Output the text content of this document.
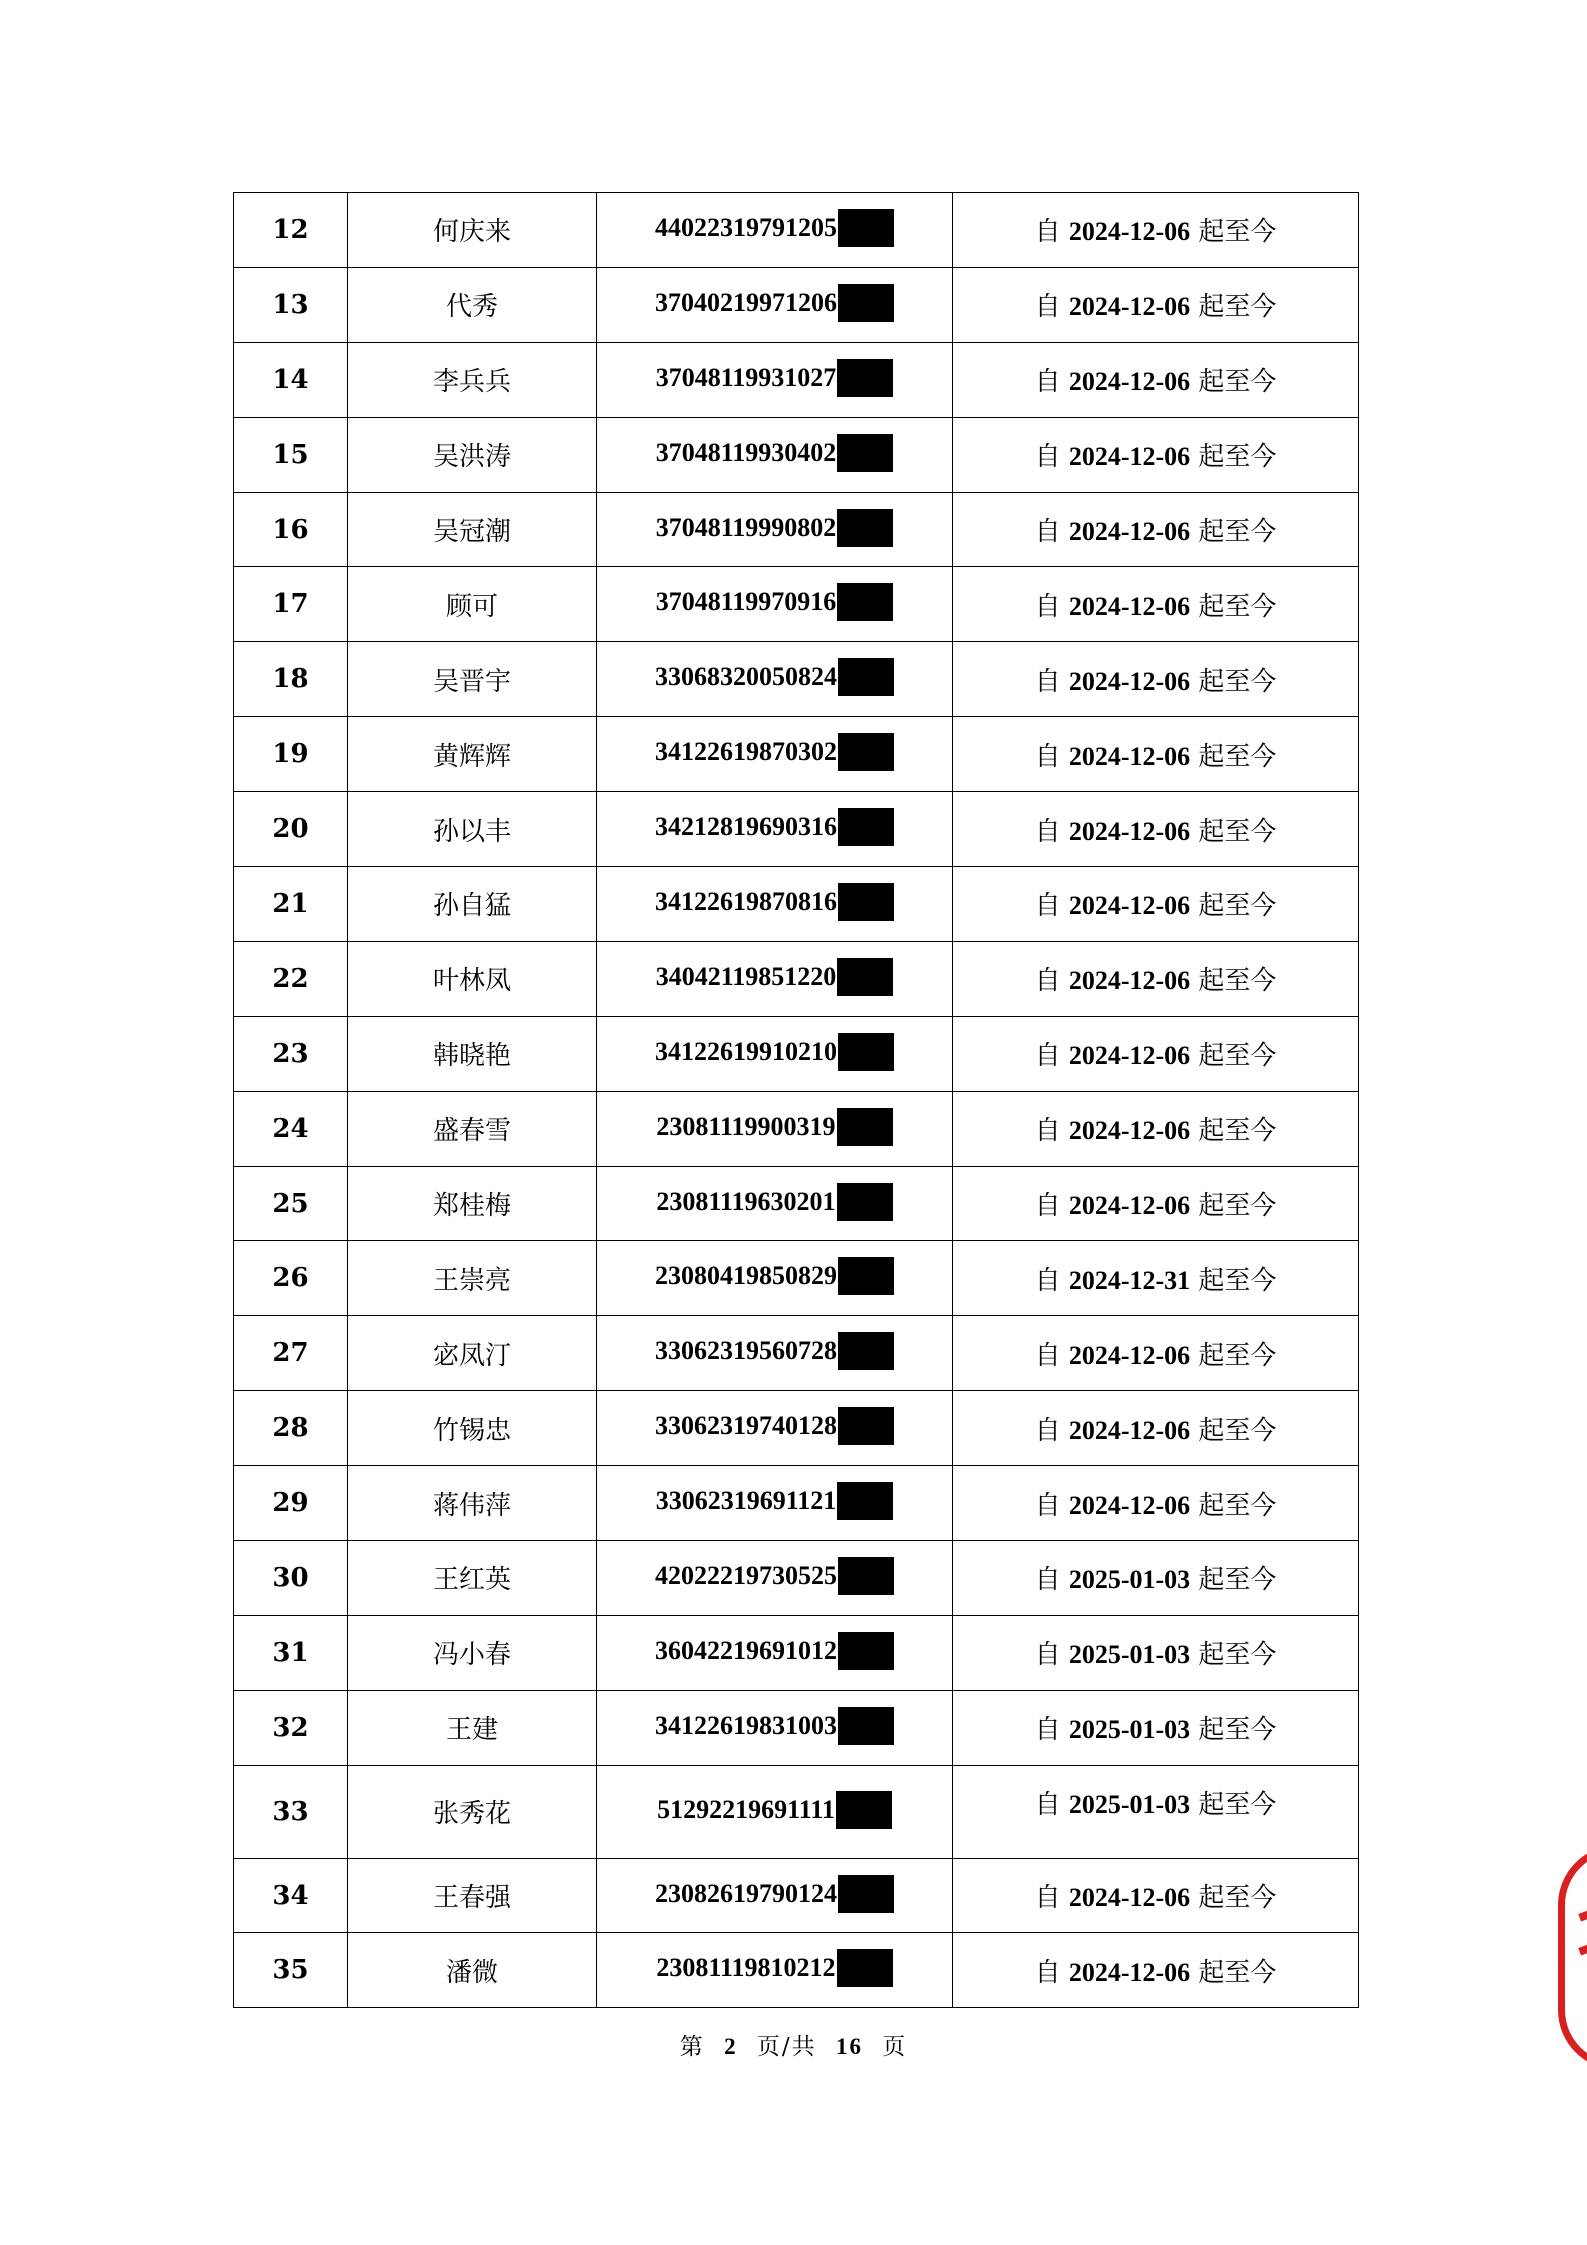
12	何庆来	44022319791205	自 2024-12-06 起至今
13	代秀	37040219971206	自 2024-12-06 起至今
14	李兵兵	37048119931027	自 2024-12-06 起至今
15	吴洪涛	37048119930402	自 2024-12-06 起至今
16	吴冠潮	37048119990802	自 2024-12-06 起至今
17	顾可	37048119970916	自 2024-12-06 起至今
18	吴晋宇	33068320050824	自 2024-12-06 起至今
19	黄辉辉	34122619870302	自 2024-12-06 起至今
20	孙以丰	34212819690316	自 2024-12-06 起至今
21	孙自猛	34122619870816	自 2024-12-06 起至今
22	叶林凤	34042119851220	自 2024-12-06 起至今
23	韩晓艳	34122619910210	自 2024-12-06 起至今
24	盛春雪	23081119900319	自 2024-12-06 起至今
25	郑桂梅	23081119630201	自 2024-12-06 起至今
26	王崇亮	23080419850829	自 2024-12-31 起至今
27	宓凤汀	33062319560728	自 2024-12-06 起至今
28	竹锡忠	33062319740128	自 2024-12-06 起至今
29	蒋伟萍	33062319691121	自 2024-12-06 起至今
30	王红英	42022219730525	自 2025-01-03 起至今
31	冯小春	36042219691012	自 2025-01-03 起至今
32	王建	34122619831003	自 2025-01-03 起至今
33	张秀花	51292219691111	自 2025-01-03 起至今
34	王春强	23082619790124	自 2024-12-06 起至今
35	潘微	23081119810212	自 2024-12-06 起至今
第 2 页/共 16 页
